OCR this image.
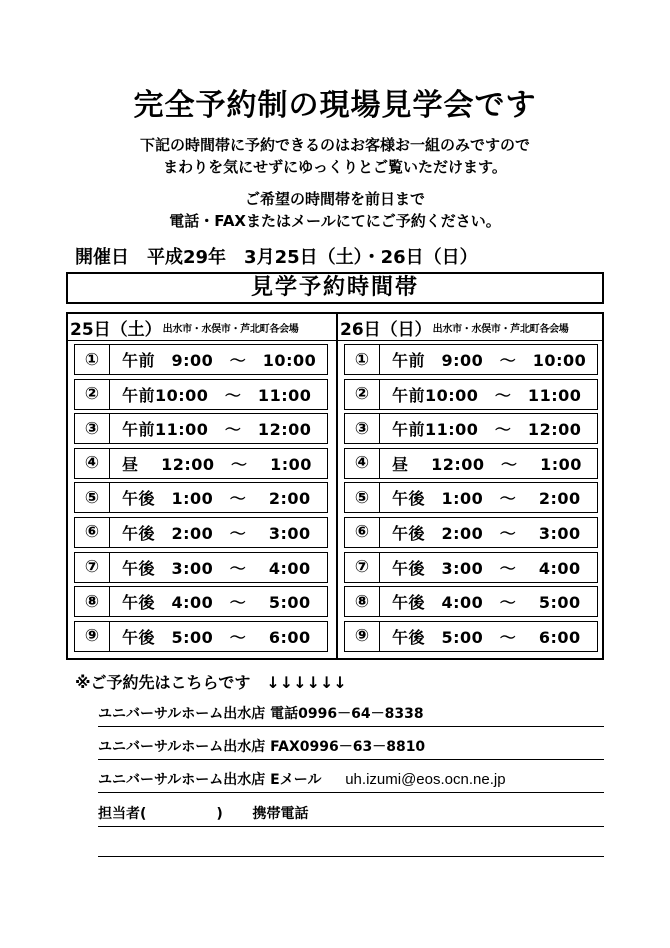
完全予約制の現場見学会です
下記の時間帯に予約できるのはお客様お一組のみですので
まわりを気にせずにゆっくりとご覧いただけます。
ご希望の時間帯を前日まで
電話・FAXまたはメールにてにご予約ください。
開催日　平成29年　3月25日（土）・26日（日）
見学予約時間帯
25日（土） 出水市・水俣市・芦北町各会場
①	午前　9:00　～　10:00
②	午前10:00　～　11:00
③	午前11:00　～　12:00
④	昼　 12:00　～　 1:00
⑤	午後　1:00　～　 2:00
⑥	午後　2:00　～　 3:00
⑦	午後　3:00　～　 4:00
⑧	午後　4:00　～　 5:00
⑨	午後　5:00　～　 6:00
26日（日） 出水市・水俣市・芦北町各会場
①	午前　9:00　～　10:00
②	午前10:00　～　11:00
③	午前11:00　～　12:00
④	昼　 12:00　～　 1:00
⑤	午後　1:00　～　 2:00
⑥	午後　2:00　～　 3:00
⑦	午後　3:00　～　 4:00
⑧	午後　4:00　～　 5:00
⑨	午後　5:00　～　 6:00
※ご予約先はこちらです　↓↓↓↓↓↓
ユニバーサルホーム出水店 電話0996－64－8338
ユニバーサルホーム出水店 FAX0996－63－8810
ユニバーサルホーム出水店 Eメール uh.izumi@eos.ocn.ne.jp
担当者(　　　　　) 携帯電話
